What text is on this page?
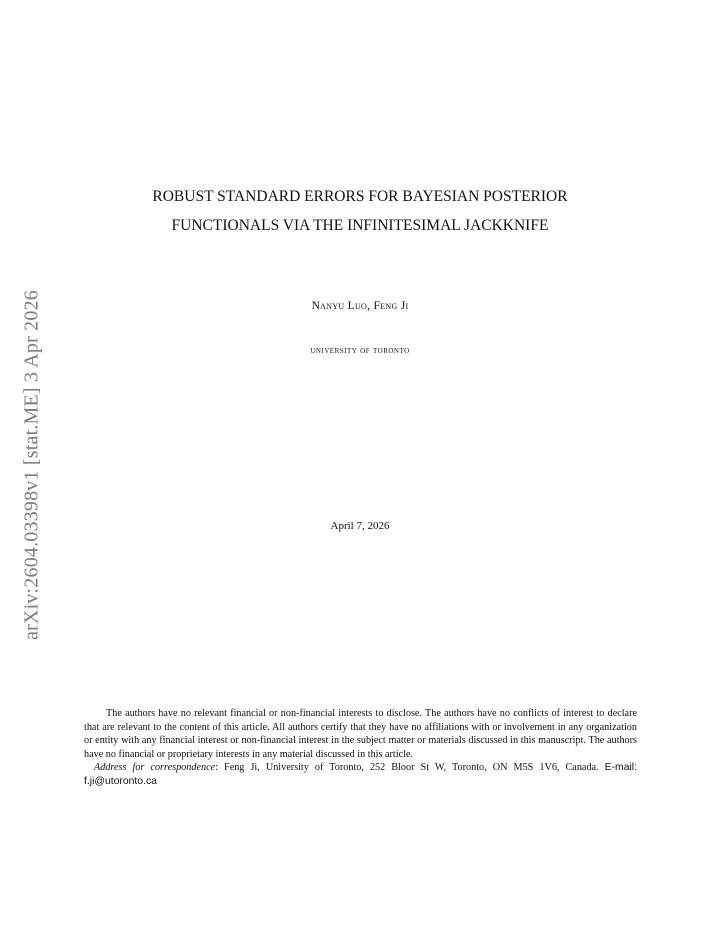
arXiv:2604.03398v1 [stat.ME] 3 Apr 2026
ROBUST STANDARD ERRORS FOR BAYESIAN POSTERIOR
FUNCTIONALS VIA THE INFINITESIMAL JACKKNIFE
Nanyu Luo, Feng Ji
university of toronto
April 7, 2026

The authors have no relevant financial or non-financial interests to disclose. The authors have no conflicts of interest to declare that are relevant to the content of this article. All authors certify that they have no affiliations with or involvement in any organization or entity with any financial interest or non-financial interest in the subject matter or materials discussed in this manuscript. The authors have no financial or proprietary interests in any material discussed in this article.

Address for correspondence: Feng Ji, University of Toronto, 252 Bloor St W, Toronto, ON M5S 1V6, Canada. E-mail: f.ji@utoronto.ca
